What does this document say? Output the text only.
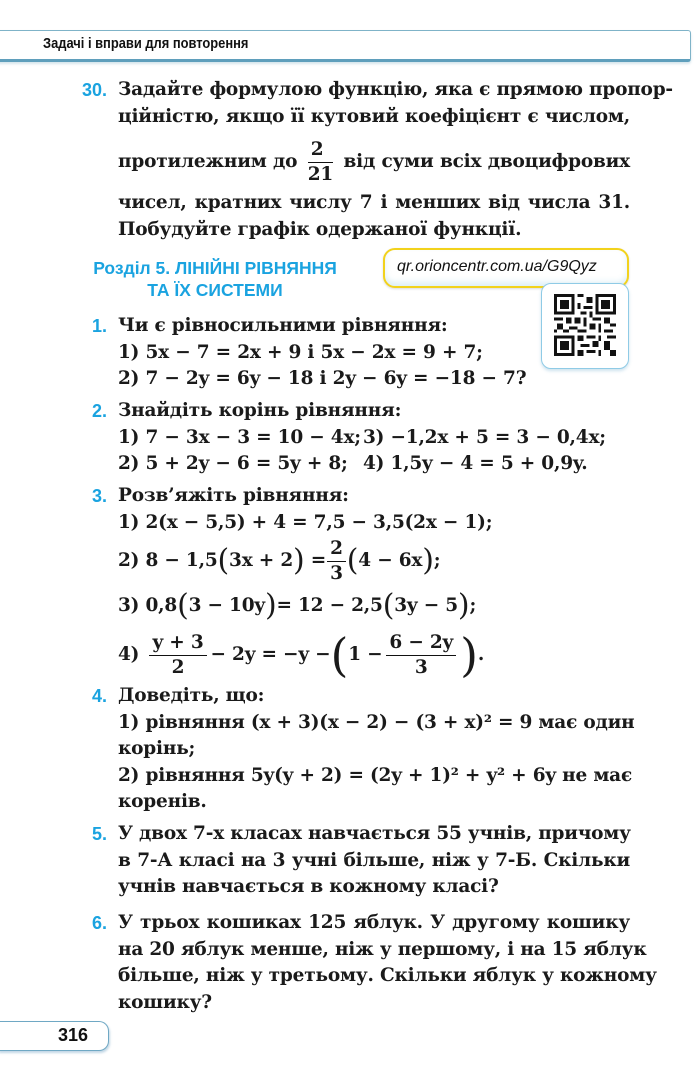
Задачі і вправи для повторення
30. Задайте формулою функцію, яка є прямою пропор-
ційністю, якщо її кутовий коефіцієнт є числом,
протилежним до $\frac{2}{21}$ від суми всіх двоцифрових
чисел, кратних числу 7 і менших від числа 31.
Побудуйте графік одержаної функції.
Розділ 5. ЛІНІЙНІ РІВНЯННЯ
ТА ЇХ СИСТЕМИ
qr.orioncentr.com.ua/G9Qyz
1. Чи є рівносильними рівняння:
1) 5x − 7 = 2x + 9 і 5x − 2x = 9 + 7;
2) 7 − 2y = 6y − 18 і 2y − 6y = −18 − 7?
2. Знайдіть корінь рівняння:
1) 7 − 3x − 3 = 10 − 4x; 3) −1,2x + 5 = 3 − 0,4x;
2) 5 + 2y − 6 = 5y + 8; 4) 1,5y − 4 = 5 + 0,9y.
3. Розв’яжіть рівняння:
1) 2(x − 5,5) + 4 = 7,5 − 3,5(2x − 1);
2) $8 - 1,5(3x + 2) = \frac{2}{3} (4 - 6x)$;
3) 0,8(3 − 10y)= 12 − 2,5(3y − 5);
$4) \frac{y + 3}{2} - 2y = -y -(1 - \frac{6 - 2y}{3}$ ).
4. Доведіть, що:
1) рівняння (x + 3)(x − 2) − (3 + x)² = 9 має один
корінь;
2) рівняння 5y(y + 2) = (2y + 1)² + y² + 6y не має
коренів.
5. У двох 7-х класах навчається 55 учнів, причому
в 7-А класі на 3 учні більше, ніж у 7-Б. Скільки
учнів навчається в кожному класі?
6. У трьох кошиках 125 яблук. У другому кошику
на 20 яблук менше, ніж у першому, і на 15 яблук
більше, ніж у третьому. Скільки яблук у кожному
кошику?
316
